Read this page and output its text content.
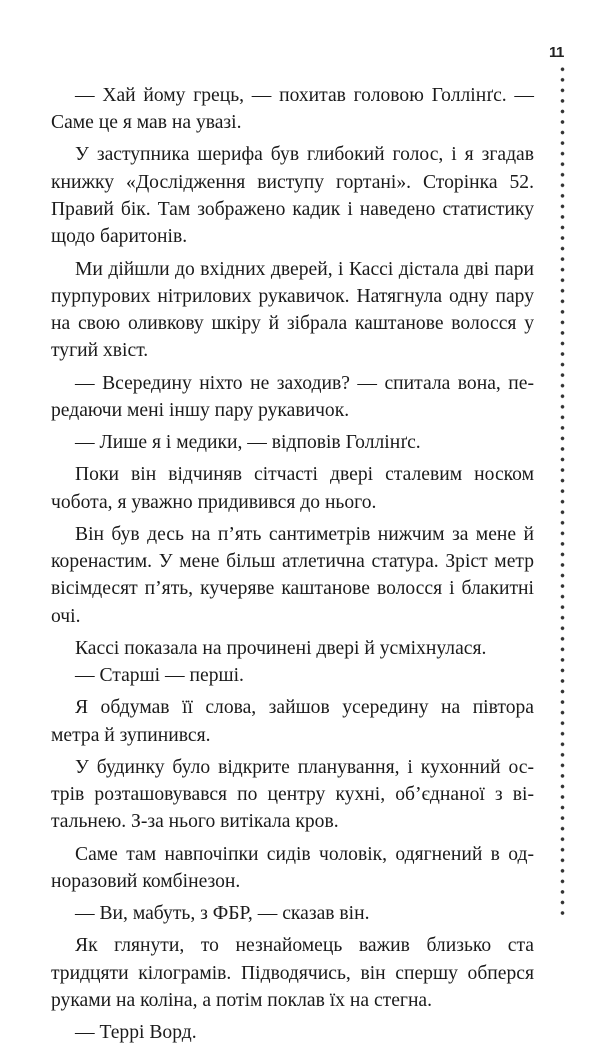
11

— Хай йому грець, — похитав головою Голлінґс. — Саме це я мав на увазі.

У заступника шерифа був глибокий голос, і я згадав книжку «Дослідження виступу гортані». Сторінка 52. Правий бік. Там зображено кадик і наведено статистику щодо баритонів.

Ми дійшли до вхідних дверей, і Кассі дістала дві пари пурпурових нітрилових рукавичок. Натягнула одну пару на свою оливкову шкіру й зібрала каштанове волосся у тугий хвіст.

— Всередину ніхто не заходив? — спитала вона, передаючи мені іншу пару рукавичок.

— Лише я і медики, — відповів Голлінґс.

Поки він відчиняв сітчасті двері сталевим носком чобота, я уважно придивився до нього.

Він був десь на п’ять сантиметрів нижчим за мене й коренастим. У мене більш атлетична статура. Зріст метр вісімдесят п’ять, кучеряве каштанове волосся і блакитні очі.

Кассі показала на прочинені двері й усміхнулася.

— Старші — перші.

Я обдумав її слова, зайшов усередину на півтора метра й зупинився.

У будинку було відкрите планування, і кухонний острів розташовувався по центру кухні, об’єднаної з вітальнею. З-за нього витікала кров.

Саме там навпочіпки сидів чоловік, одягнений в одноразовий комбінезон.

— Ви, мабуть, з ФБР, — сказав він.

Як глянути, то незнайомець важив близько ста тридцяти кілограмів. Підводячись, він спершу обперся руками на коліна, а потім поклав їх на стегна.

— Террі Ворд.
